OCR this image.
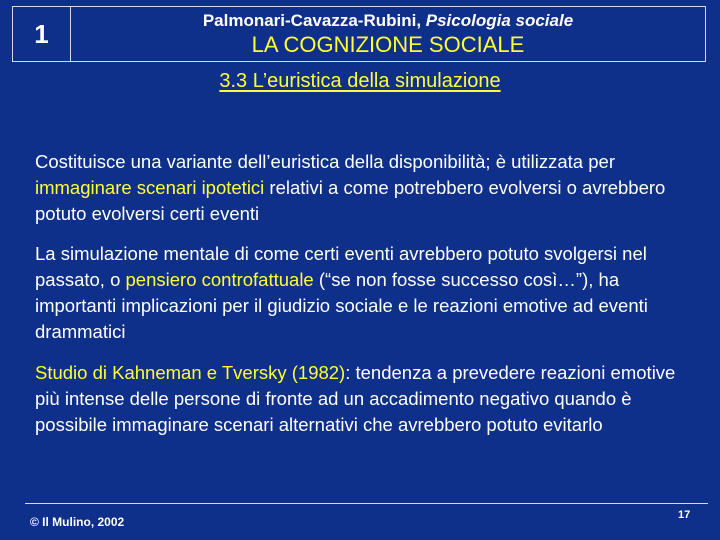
1	Palmonari-Cavazza-Rubini, Psicologia sociale
LA COGNIZIONE SOCIALE
3.3 L’euristica della simulazione

Costituisce una variante dell’euristica della disponibilità; è utilizzata per immaginare scenari ipotetici relativi a come potrebbero evolversi o avrebbero potuto evolversi certi eventi

La simulazione mentale di come certi eventi avrebbero potuto svolgersi nel passato, o pensiero controfattuale (“se non fosse successo così…”), ha importanti implicazioni per il giudizio sociale e le reazioni emotive ad eventi drammatici

Studio di Kahneman e Tversky (1982): tendenza a prevedere reazioni emotive più intense delle persone di fronte ad un accadimento negativo quando è possibile immaginare scenari alternativi che avrebbero potuto evitarlo

© Il Mulino, 2002	17
